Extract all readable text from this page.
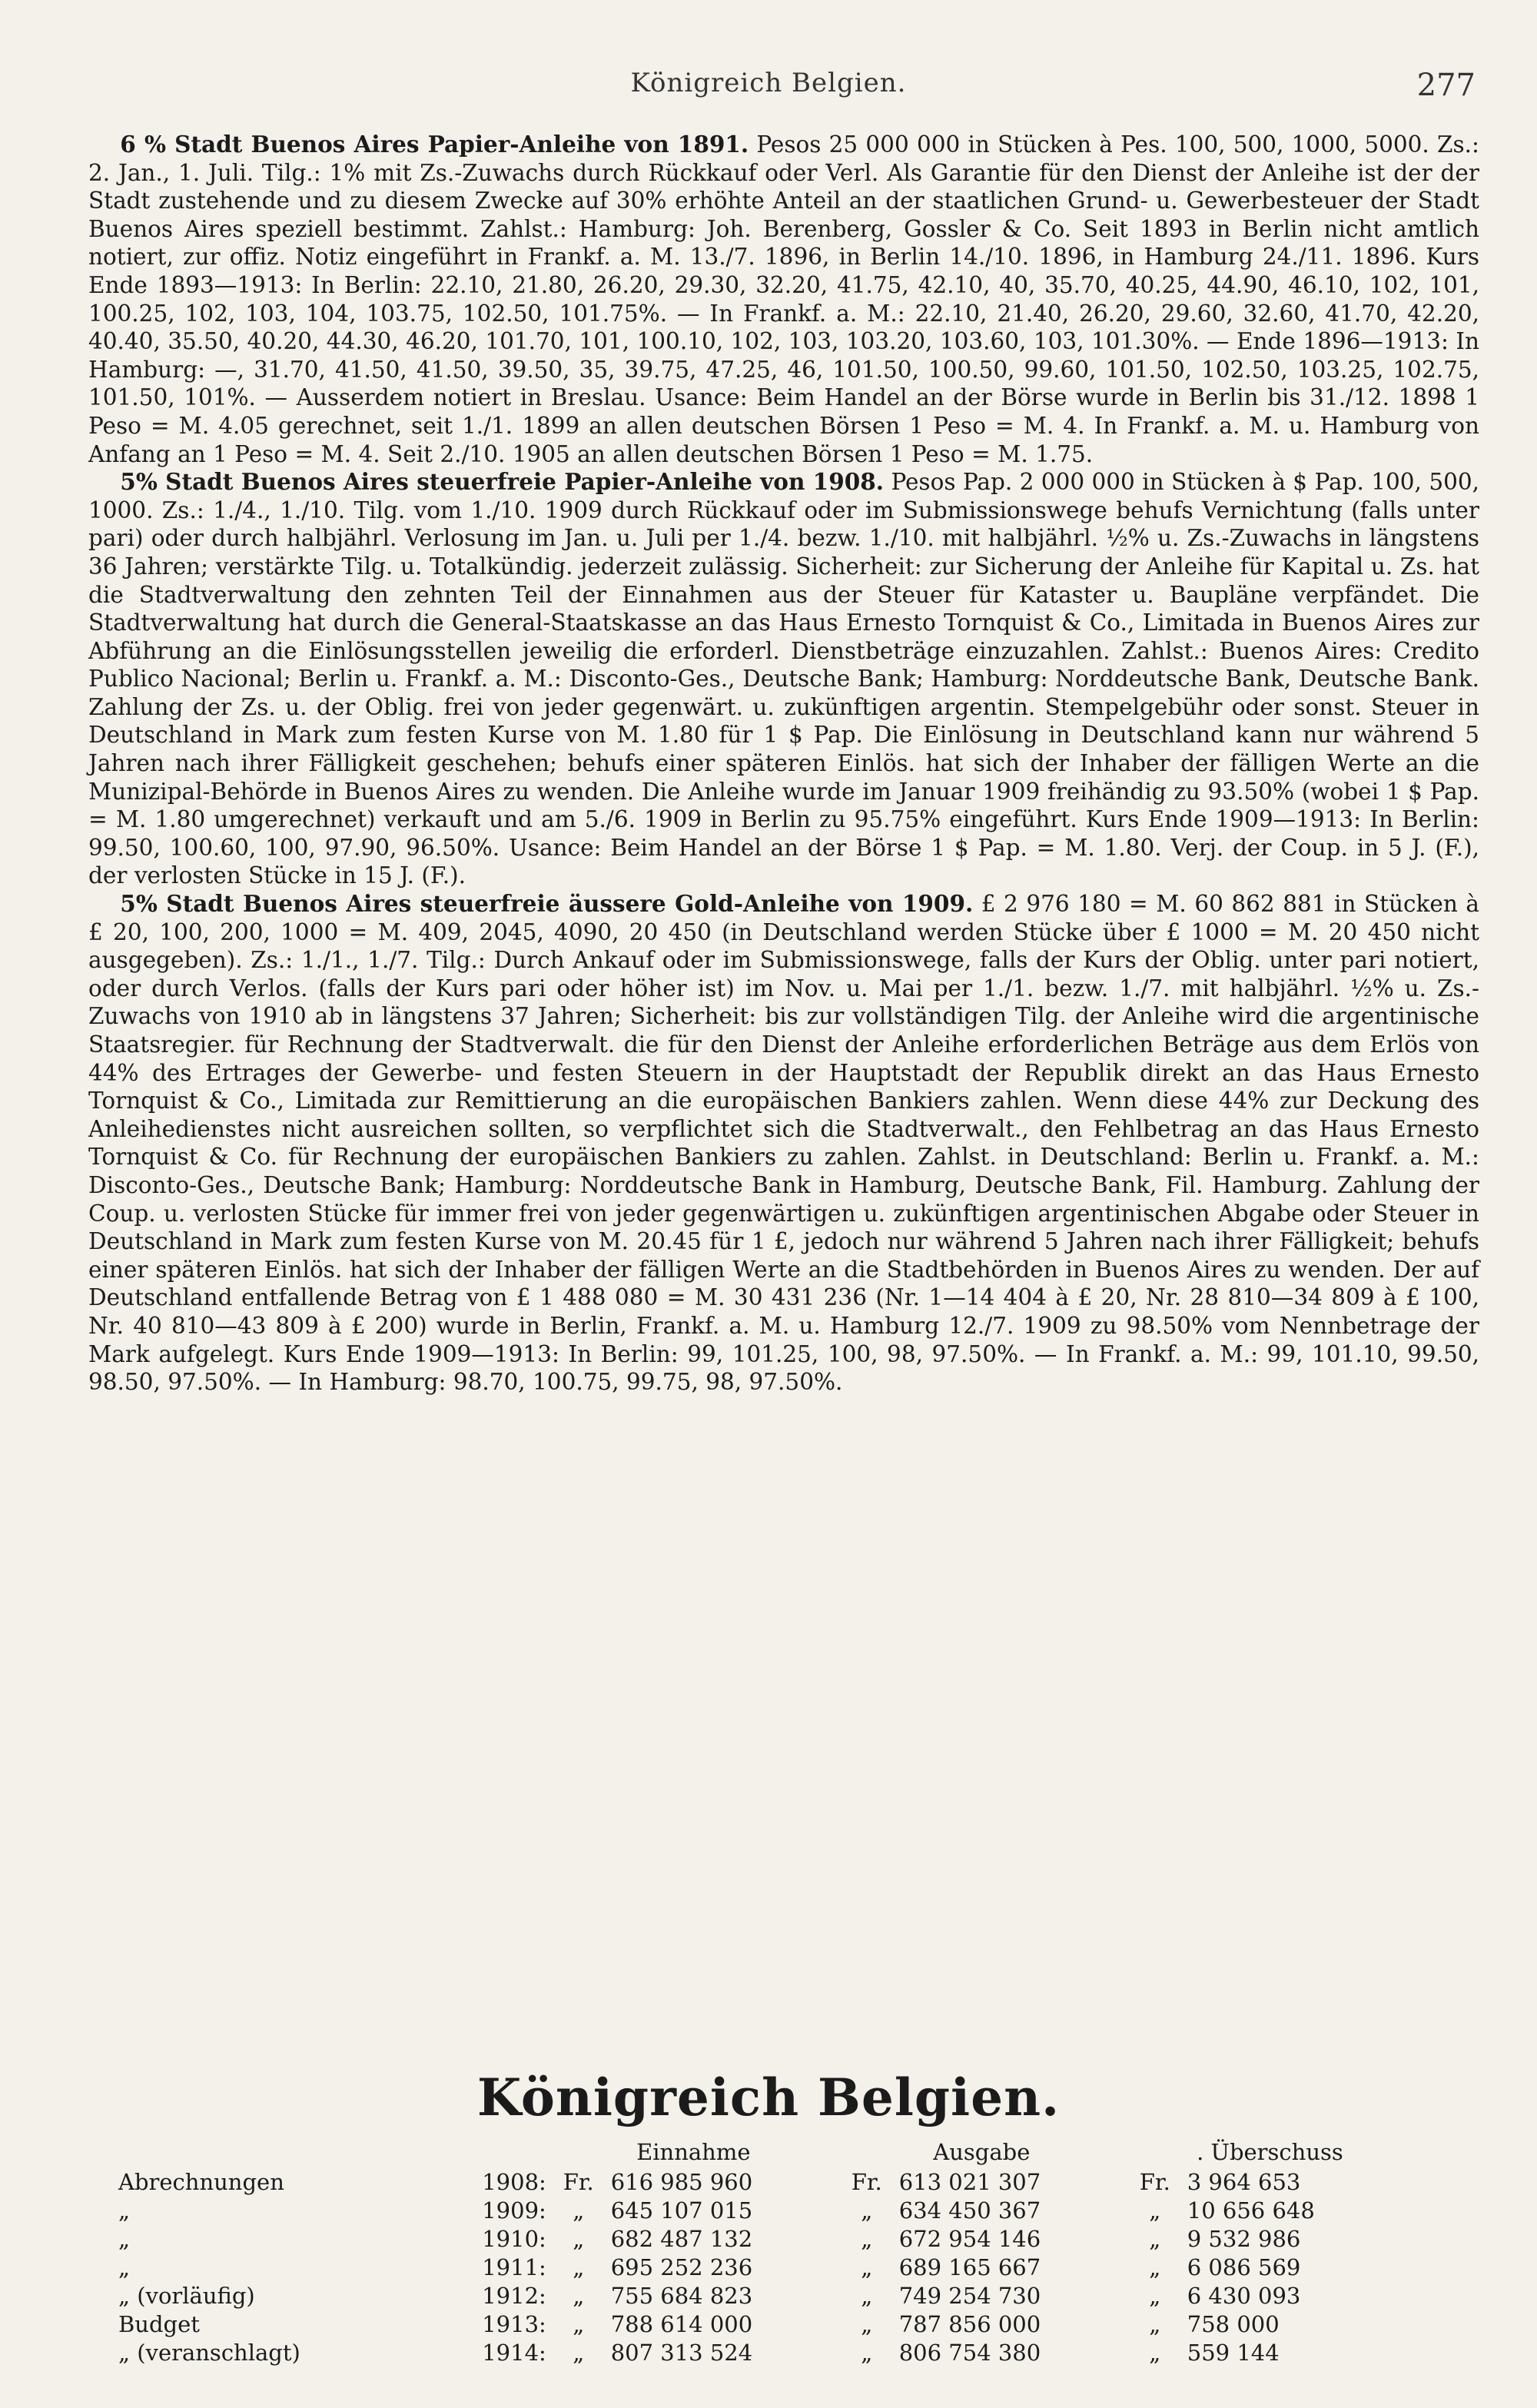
Königreich Belgien.	277

6 % Stadt Buenos Aires Papier-Anleihe von 1891. Pesos 25 000 000 in Stücken à Pes. 100, 500, 1000, 5000. Zs.: 2. Jan., 1. Juli. Tilg.: 1% mit Zs.-Zuwachs durch Rückkauf oder Verl. Als Garantie für den Dienst der Anleihe ist der der Stadt zustehende und zu diesem Zwecke auf 30% erhöhte Anteil an der staatlichen Grund- u. Gewerbesteuer der Stadt Buenos Aires speziell bestimmt. Zahlst.: Hamburg: Joh. Berenberg, Gossler & Co. Seit 1893 in Berlin nicht amtlich notiert, zur offiz. Notiz eingeführt in Frankf. a. M. 13./7. 1896, in Berlin 14./10. 1896, in Hamburg 24./11. 1896. Kurs Ende 1893—1913: In Berlin: 22.10, 21.80, 26.20, 29.30, 32.20, 41.75, 42.10, 40, 35.70, 40.25, 44.90, 46.10, 102, 101, 100.25, 102, 103, 104, 103.75, 102.50, 101.75%. — In Frankf. a. M.: 22.10, 21.40, 26.20, 29.60, 32.60, 41.70, 42.20, 40.40, 35.50, 40.20, 44.30, 46.20, 101.70, 101, 100.10, 102, 103, 103.20, 103.60, 103, 101.30%. — Ende 1896—1913: In Hamburg: —, 31.70, 41.50, 41.50, 39.50, 35, 39.75, 47.25, 46, 101.50, 100.50, 99.60, 101.50, 102.50, 103.25, 102.75, 101.50, 101%. — Ausserdem notiert in Breslau. Usance: Beim Handel an der Börse wurde in Berlin bis 31./12. 1898 1 Peso = M. 4.05 gerechnet, seit 1./1. 1899 an allen deutschen Börsen 1 Peso = M. 4. In Frankf. a. M. u. Hamburg von Anfang an 1 Peso = M. 4. Seit 2./10. 1905 an allen deutschen Börsen 1 Peso = M. 1.75.

5% Stadt Buenos Aires steuerfreie Papier-Anleihe von 1908. Pesos Pap. 2 000 000 in Stücken à $ Pap. 100, 500, 1000. Zs.: 1./4., 1./10. Tilg. vom 1./10. 1909 durch Rückkauf oder im Submissionswege behufs Vernichtung (falls unter pari) oder durch halbjährl. Verlosung im Jan. u. Juli per 1./4. bezw. 1./10. mit halbjährl. ½% u. Zs.-Zuwachs in längstens 36 Jahren; verstärkte Tilg. u. Totalkündig. jederzeit zulässig. Sicherheit: zur Sicherung der Anleihe für Kapital u. Zs. hat die Stadtverwaltung den zehnten Teil der Einnahmen aus der Steuer für Kataster u. Baupläne verpfändet. Die Stadtverwaltung hat durch die General-Staatskasse an das Haus Ernesto Tornquist & Co., Limitada in Buenos Aires zur Abführung an die Einlösungsstellen jeweilig die erforderl. Dienstbeträge einzuzahlen. Zahlst.: Buenos Aires: Credito Publico Nacional; Berlin u. Frankf. a. M.: Disconto-Ges., Deutsche Bank; Hamburg: Norddeutsche Bank, Deutsche Bank. Zahlung der Zs. u. der Oblig. frei von jeder gegenwärt. u. zukünftigen argentin. Stempelgebühr oder sonst. Steuer in Deutschland in Mark zum festen Kurse von M. 1.80 für 1 $ Pap. Die Einlösung in Deutschland kann nur während 5 Jahren nach ihrer Fälligkeit geschehen; behufs einer späteren Einlös. hat sich der Inhaber der fälligen Werte an die Munizipal-Behörde in Buenos Aires zu wenden. Die Anleihe wurde im Januar 1909 freihändig zu 93.50% (wobei 1 $ Pap. = M. 1.80 umgerechnet) verkauft und am 5./6. 1909 in Berlin zu 95.75% eingeführt. Kurs Ende 1909—1913: In Berlin: 99.50, 100.60, 100, 97.90, 96.50%. Usance: Beim Handel an der Börse 1 $ Pap. = M. 1.80. Verj. der Coup. in 5 J. (F.), der verlosten Stücke in 15 J. (F.).

5% Stadt Buenos Aires steuerfreie äussere Gold-Anleihe von 1909. £ 2 976 180 = M. 60 862 881 in Stücken à £ 20, 100, 200, 1000 = M. 409, 2045, 4090, 20 450 (in Deutschland werden Stücke über £ 1000 = M. 20 450 nicht ausgegeben). Zs.: 1./1., 1./7. Tilg.: Durch Ankauf oder im Submissionswege, falls der Kurs der Oblig. unter pari notiert, oder durch Verlos. (falls der Kurs pari oder höher ist) im Nov. u. Mai per 1./1. bezw. 1./7. mit halbjährl. ½% u. Zs.-Zuwachs von 1910 ab in längstens 37 Jahren; Sicherheit: bis zur vollständigen Tilg. der Anleihe wird die argentinische Staatsregier. für Rechnung der Stadtverwalt. die für den Dienst der Anleihe erforderlichen Beträge aus dem Erlös von 44% des Ertrages der Gewerbe- und festen Steuern in der Hauptstadt der Republik direkt an das Haus Ernesto Tornquist & Co., Limitada zur Remittierung an die europäischen Bankiers zahlen. Wenn diese 44% zur Deckung des Anleihedienstes nicht ausreichen sollten, so verpflichtet sich die Stadtverwalt., den Fehlbetrag an das Haus Ernesto Tornquist & Co. für Rechnung der europäischen Bankiers zu zahlen. Zahlst. in Deutschland: Berlin u. Frankf. a. M.: Disconto-Ges., Deutsche Bank; Hamburg: Norddeutsche Bank in Hamburg, Deutsche Bank, Fil. Hamburg. Zahlung der Coup. u. verlosten Stücke für immer frei von jeder gegenwärtigen u. zukünftigen argentinischen Abgabe oder Steuer in Deutschland in Mark zum festen Kurse von M. 20.45 für 1 £, jedoch nur während 5 Jahren nach ihrer Fälligkeit; behufs einer späteren Einlös. hat sich der Inhaber der fälligen Werte an die Stadtbehörden in Buenos Aires zu wenden. Der auf Deutschland entfallende Betrag von £ 1 488 080 = M. 30 431 236 (Nr. 1—14 404 à £ 20, Nr. 28 810—34 809 à £ 100, Nr. 40 810—43 809 à £ 200) wurde in Berlin, Frankf. a. M. u. Hamburg 12./7. 1909 zu 98.50% vom Nennbetrage der Mark aufgelegt. Kurs Ende 1909—1913: In Berlin: 99, 101.25, 100, 98, 97.50%. — In Frankf. a. M.: 99, 101.10, 99.50, 98.50, 97.50%. — In Hamburg: 98.70, 100.75, 99.75, 98, 97.50%.

Königreich Belgien.
		Einnahme		Ausgabe		. Überschuss	
Abrechnungen	1908:	Fr.	616 985 960	Fr.	613 021 307	Fr.	3 964 653
„	1909:	„	645 107 015	„	634 450 367	„	10 656 648
„	1910:	„	682 487 132	„	672 954 146	„	9 532 986
„	1911:	„	695 252 236	„	689 165 667	„	6 086 569
„ (vorläufig)	1912:	„	755 684 823	„	749 254 730	„	6 430 093
Budget	1913:	„	788 614 000	„	787 856 000	„	758 000
„ (veranschlagt)	1914:	„	807 313 524	„	806 754 380	„	559 144
